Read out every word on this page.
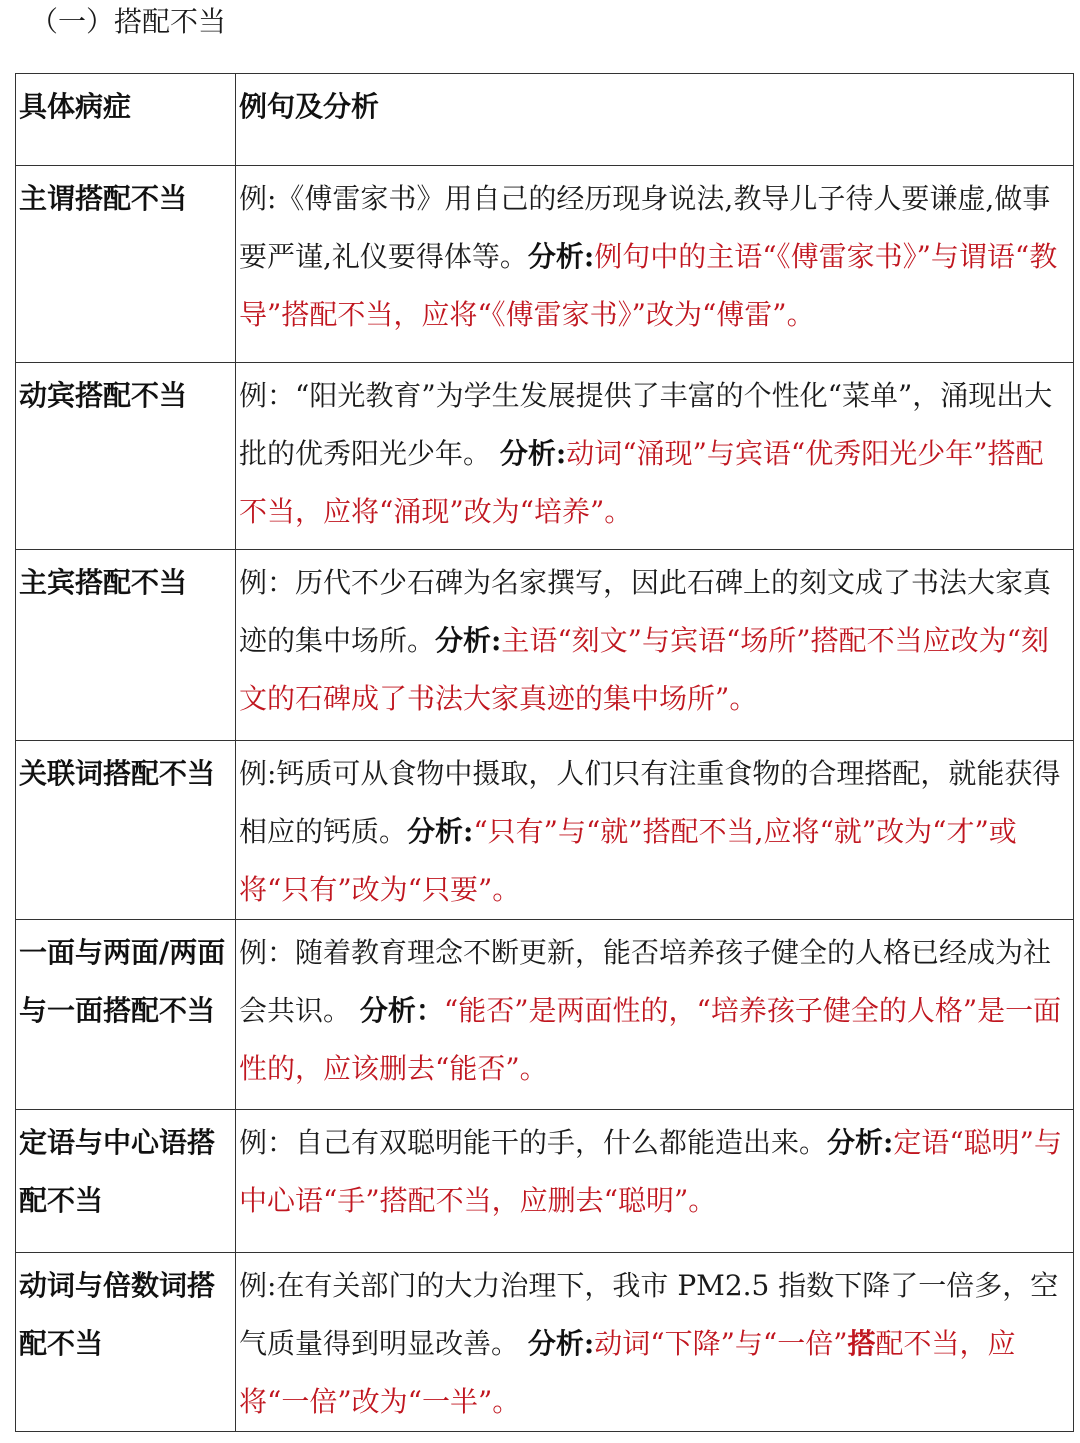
（一）搭配不当
具体病症	例句及分析
主谓搭配不当	例:《傅雷家书》用自己的经历现身说法,教导儿子待人要谦虚,做事要严谨,礼仪要得体等。分析:例句中的主语“《傅雷家书》”与谓语“教导”搭配不当，应将“《傅雷家书》”改为“傅雷”。
动宾搭配不当	例：“阳光教育”为学生发展提供了丰富的个性化“菜单”，涌现出大批的优秀阳光少年。 分析:动词“涌现”与宾语“优秀阳光少年”搭配不当，应将“涌现”改为“培养”。
主宾搭配不当	例：历代不少石碑为名家撰写，因此石碑上的刻文成了书法大家真迹的集中场所。分析:主语“刻文”与宾语“场所”搭配不当应改为“刻文的石碑成了书法大家真迹的集中场所”。
关联词搭配不当	例:钙质可从食物中摄取，人们只有注重食物的合理搭配，就能获得相应的钙质。分析:“只有”与“就”搭配不当,应将“就”改为“才”或将“只有”改为“只要”。
一面与两面/两面与一面搭配不当	例：随着教育理念不断更新，能否培养孩子健全的人格已经成为社会共识。 分析：“能否”是两面性的，“培养孩子健全的人格”是一面性的，应该删去“能否”。
定语与中心语搭配不当	例：自己有双聪明能干的手，什么都能造出来。分析:定语“聪明”与中心语“手”搭配不当，应删去“聪明”。
动词与倍数词搭配不当	例:在有关部门的大力治理下，我市 PM2.5 指数下降了一倍多，空气质量得到明显改善。 分析:动词“下降”与“一倍”搭配不当，应将“一倍”改为“一半”。
